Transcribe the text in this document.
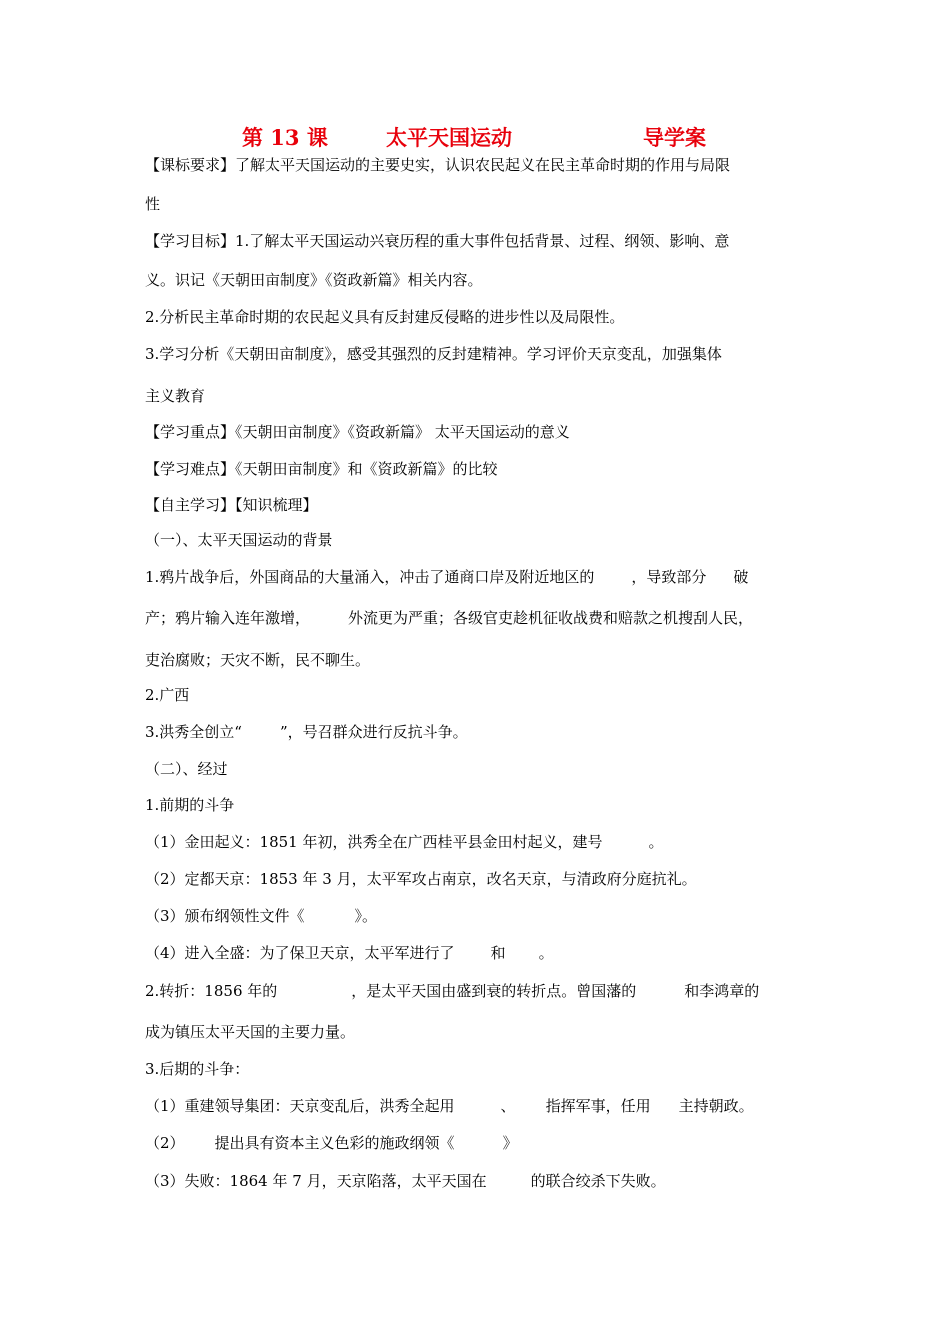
第 13 课

	太平天国运动

	导学案

【课标要求】了解太平天国运动的主要史实，认识农民起义在民主革命时期的作用与局限
性
【学习目标】1.了解太平天国运动兴衰历程的重大事件包括背景、过程、纲领、影响、意
义。识记《天朝田亩制度》《资政新篇》相关内容。
2.分析民主革命时期的农民起义具有反封建反侵略的进步性以及局限性。
3.学习分析《天朝田亩制度》，感受其强烈的反封建精神。学习评价天京变乱，加强集体
主义教育
【学习重点】《天朝田亩制度》《资政新篇》 太平天国运动的意义
【学习难点】《天朝田亩制度》和《资政新篇》的比较
【自主学习】【知识梳理】
（一）、太平天国运动的背景
1.鸦片战争后，外国商品的大量涌入，冲击了通商口岸及附近地区的 ，导致部分 破
产；鸦片输入连年激增，	外流更为严重；各级官吏趁机征收战费和赔款之机搜刮人民，
吏治腐败；天灾不断，民不聊生。
2.广西
3.洪秀全创立“	”，号召群众进行反抗斗争。
（二）、经过
1.前期的斗争
（1）金田起义：1851 年初，洪秀全在广西桂平县金田村起义，建号	。
（2）定都天京：1853 年 3 月，太平军攻占南京，改名天京，与清政府分庭抗礼。
（3）颁布纲领性文件《	》。
（4）进入全盛：为了保卫天京，太平军进行了 和 。
2.转折：1856 年的	，是太平天国由盛到衰的转折点。曾国藩的	和李鸿章的
成为镇压太平天国的主要力量。
3.后期的斗争：
（1）重建领导集团：天京变乱后，洪秀全起用	、 指挥军事，任用 主持朝政。
（2） 提出具有资本主义色彩的施政纲领《	》
（3）失败：1864 年 7 月，天京陷落，太平天国在	的联合绞杀下失败。
